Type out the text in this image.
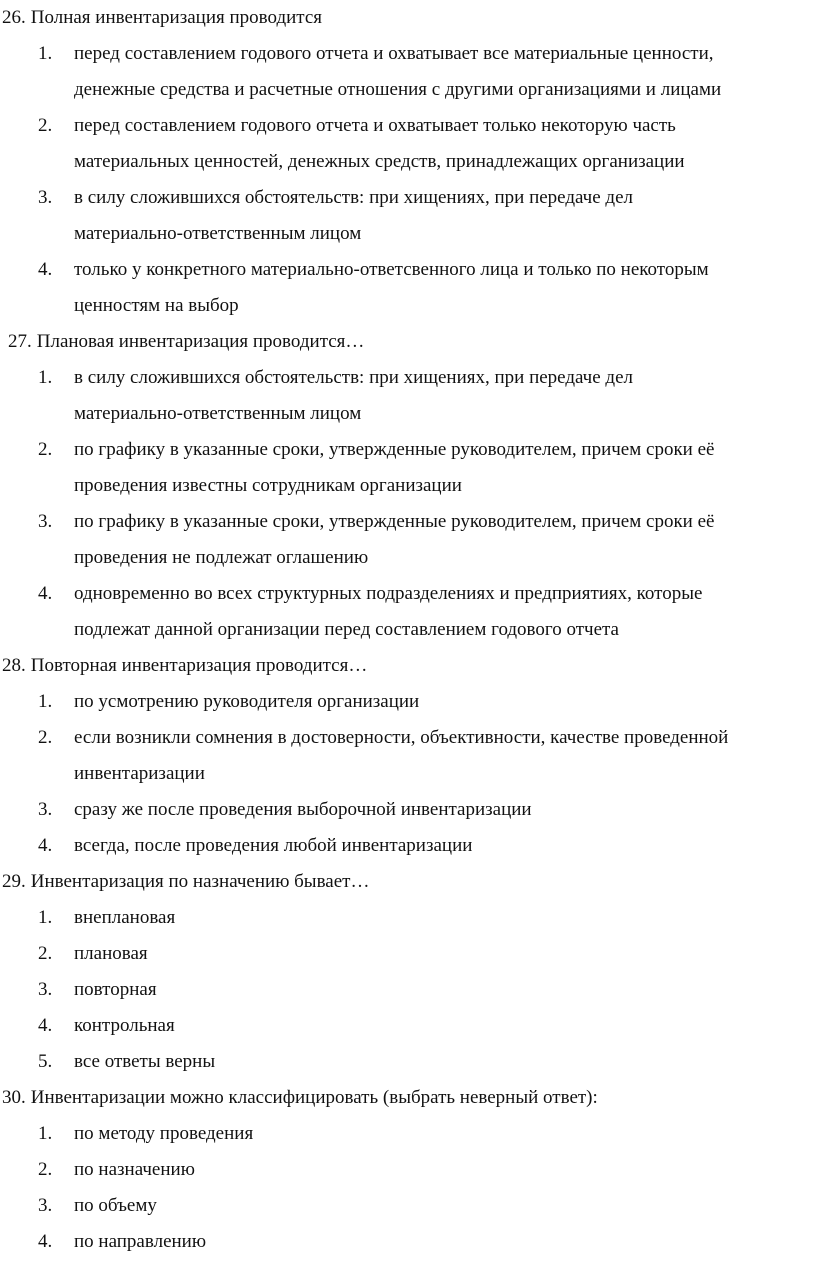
26. Полная инвентаризация проводится
1.	перед составлением годового отчета и охватывает все материальные ценности,
денежные средства и расчетные отношения с другими организациями и лицами
2.	перед составлением годового отчета и охватывает только некоторую часть
материальных ценностей, денежных средств, принадлежащих организации
3.	в силу сложившихся обстоятельств: при хищениях, при передаче дел
материально-ответственным лицом
4.	только у конкретного материально-ответсвенного лица и только по некоторым
ценностям на выбор
27. Плановая инвентаризация проводится…
1.	в силу сложившихся обстоятельств: при хищениях, при передаче дел
материально-ответственным лицом
2.	по графику в указанные сроки, утвержденные руководителем, причем сроки её
проведения известны сотрудникам организации
3.	по графику в указанные сроки, утвержденные руководителем, причем сроки её
проведения не подлежат оглашению
4.	одновременно во всех структурных подразделениях и предприятиях, которые
подлежат данной организации перед составлением годового отчета
28. Повторная инвентаризация проводится…
1.	по усмотрению руководителя организации
2.	если возникли сомнения в достоверности, объективности, качестве проведенной
инвентаризации
3.	сразу же после проведения выборочной инвентаризации
4.	всегда, после проведения любой инвентаризации
29. Инвентаризация по назначению бывает…
1.	внеплановая
2.	плановая
3.	повторная
4.	контрольная
5.	все ответы верны
30. Инвентаризации можно классифицировать (выбрать неверный ответ):
1.	по методу проведения
2.	по назначению
3.	по объему
4.	по направлению
